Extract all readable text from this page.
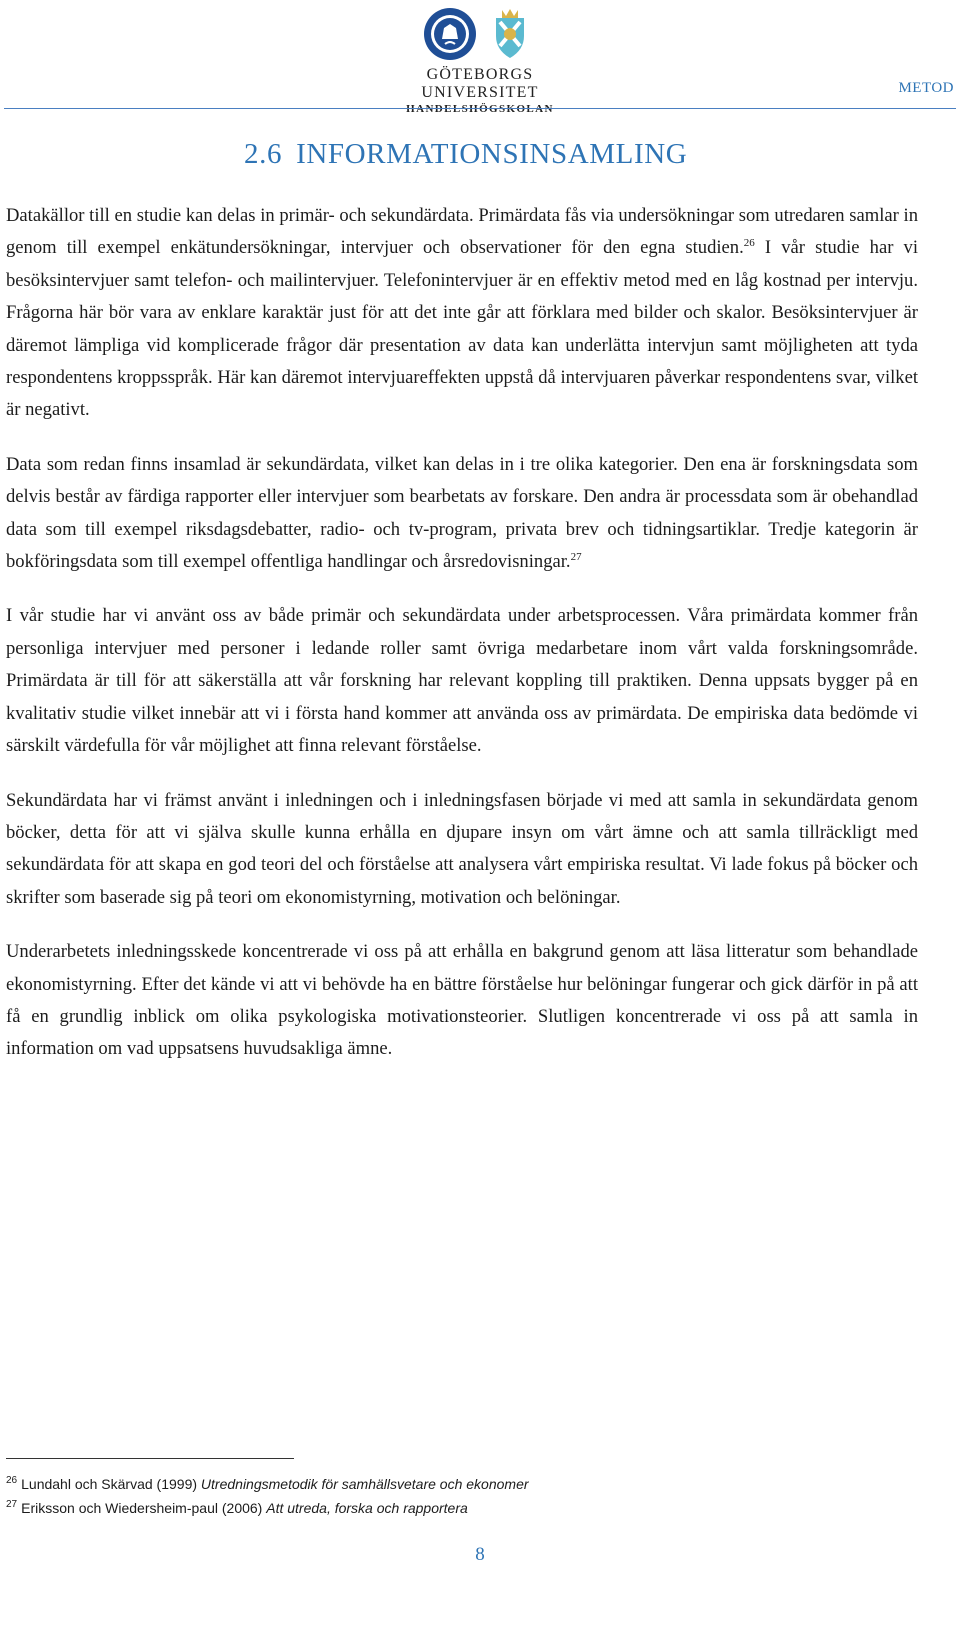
GÖTEBORGS UNIVERSITET
HANDELSHÖGSKOLAN
METOD
2.6 INFORMATIONSINSAMLING

Datakällor till en studie kan delas in primär- och sekundärdata. Primärdata fås via undersökningar som utredaren samlar in genom till exempel enkätundersökningar, intervjuer och observationer för den egna studien.$^{26}$ I vår studie har vi besöksintervjuer samt telefon- och mailintervjuer. Telefonintervjuer är en effektiv metod med en låg kostnad per intervju. Frågorna här bör vara av enklare karaktär just för att det inte går att förklara med bilder och skalor. Besöksintervjuer är däremot lämpliga vid komplicerade frågor där presentation av data kan underlätta intervjun samt möjligheten att tyda respondentens kroppsspråk. Här kan däremot intervjuareffekten uppstå då intervjuaren påverkar respondentens svar, vilket är negativt.

Data som redan finns insamlad är sekundärdata, vilket kan delas in i tre olika kategorier. Den ena är forskningsdata som delvis består av färdiga rapporter eller intervjuer som bearbetats av forskare. Den andra är processdata som är obehandlad data som till exempel riksdagsdebatter, radio- och tv-program, privata brev och tidningsartiklar. Tredje kategorin är bokföringsdata som till exempel offentliga handlingar och årsredovisningar.$^{27}$

I vår studie har vi använt oss av både primär och sekundärdata under arbetsprocessen. Våra primärdata kommer från personliga intervjuer med personer i ledande roller samt övriga medarbetare inom vårt valda forskningsområde. Primärdata är till för att säkerställa att vår forskning har relevant koppling till praktiken. Denna uppsats bygger på en kvalitativ studie vilket innebär att vi i första hand kommer att använda oss av primärdata. De empiriska data bedömde vi särskilt värdefulla för vår möjlighet att finna relevant förståelse.

Sekundärdata har vi främst använt i inledningen och i inledningsfasen började vi med att samla in sekundärdata genom böcker, detta för att vi själva skulle kunna erhålla en djupare insyn om vårt ämne och att samla tillräckligt med sekundärdata för att skapa en god teori del och förståelse att analysera vårt empiriska resultat. Vi lade fokus på böcker och skrifter som baserade sig på teori om ekonomistyrning, motivation och belöningar.

Underarbetets inledningsskede koncentrerade vi oss på att erhålla en bakgrund genom att läsa litteratur som behandlade ekonomistyrning. Efter det kände vi att vi behövde ha en bättre förståelse hur belöningar fungerar och gick därför in på att få en grundlig inblick om olika psykologiska motivationsteorier. Slutligen koncentrerade vi oss på att samla in information om vad uppsatsens huvudsakliga ämne.

$^{26}$ Lundahl och Skärvad (1999) Utredningsmetodik för samhällsvetare och ekonomer
$^{27}$ Eriksson och Wiedersheim-paul (2006) Att utreda, forska och rapportera
8
